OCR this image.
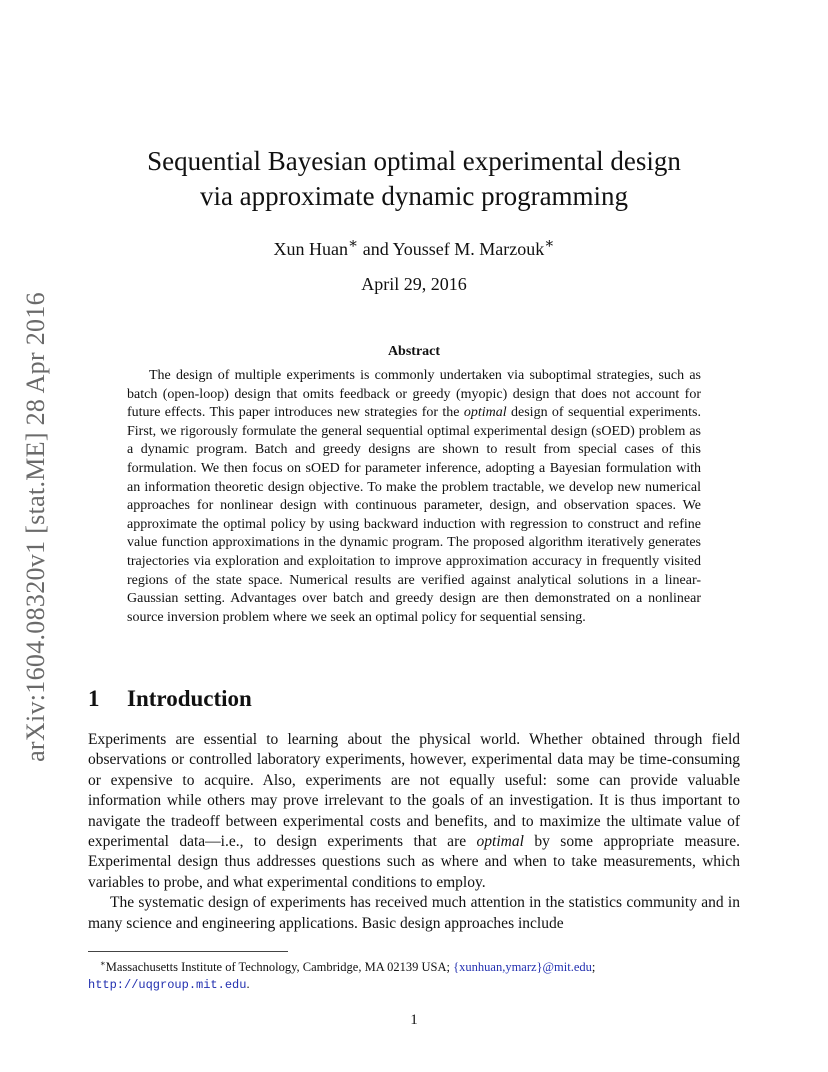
arXiv:1604.08320v1 [stat.ME] 28 Apr 2016
Sequential Bayesian optimal experimental design
via approximate dynamic programming
Xun Huan∗ and Youssef M. Marzouk∗
April 29, 2016
Abstract

The design of multiple experiments is commonly undertaken via suboptimal strategies, such as batch (open-loop) design that omits feedback or greedy (myopic) design that does not account for future effects. This paper introduces new strategies for the optimal design of sequential experiments. First, we rigorously formulate the general sequential optimal experimental design (sOED) problem as a dynamic program. Batch and greedy designs are shown to result from special cases of this formulation. We then focus on sOED for parameter inference, adopting a Bayesian formulation with an information theoretic design objective. To make the problem tractable, we develop new numerical approaches for nonlinear design with continuous parameter, design, and observation spaces. We approximate the optimal policy by using backward induction with regression to construct and refine value function approximations in the dynamic program. The proposed algorithm iteratively generates trajectories via exploration and exploitation to improve approximation accuracy in frequently visited regions of the state space. Numerical results are verified against analytical solutions in a linear-Gaussian setting. Advantages over batch and greedy design are then demonstrated on a nonlinear source inversion problem where we seek an optimal policy for sequential sensing.

1 Introduction

Experiments are essential to learning about the physical world. Whether obtained through field observations or controlled laboratory experiments, however, experimental data may be time-consuming or expensive to acquire. Also, experiments are not equally useful: some can provide valuable information while others may prove irrelevant to the goals of an investigation. It is thus important to navigate the tradeoff between experimental costs and benefits, and to maximize the ultimate value of experimental data—i.e., to design experiments that are optimal by some appropriate measure. Experimental design thus addresses questions such as where and when to take measurements, which variables to probe, and what experimental conditions to employ.

The systematic design of experiments has received much attention in the statistics community and in many science and engineering applications. Basic design approaches include

∗Massachusetts Institute of Technology, Cambridge, MA 02139 USA; {xunhuan,ymarz}@mit.edu;
http://uqgroup.mit.edu.
1
